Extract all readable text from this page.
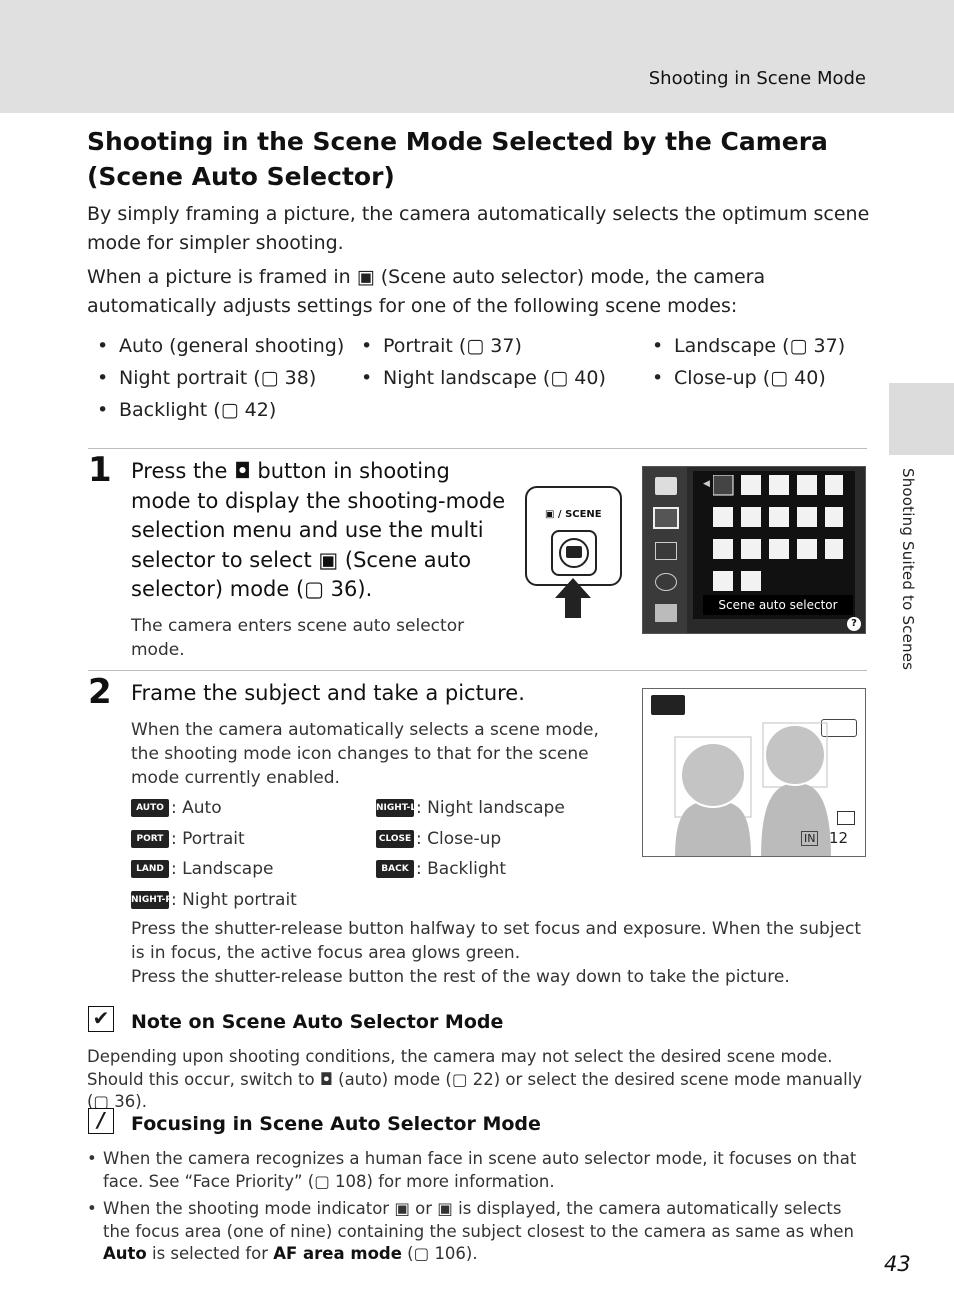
Shooting in Scene Mode
Shooting Suited to Scenes
Shooting in the Scene Mode Selected by the Camera (Scene Auto Selector)
By simply framing a picture, the camera automatically selects the optimum scene mode for simpler shooting.
When a picture is framed in ▣ (Scene auto selector) mode, the camera automatically adjusts settings for one of the following scene modes:
• Auto (general shooting) • Portrait (▢ 37)	• Landscape (▢ 37)
• Night portrait (▢ 38) • Night landscape (▢ 40) • Close-up (▢ 40)
• Backlight (▢ 42)
1 Press the ◘ button in shooting mode to display the shooting-mode selection menu and use the multi selector to select ▣ (Scene auto selector) mode (▢ 36).
The camera enters scene auto selector mode.
▣ / SCENE
◀
Scene auto selector
?
2 Frame the subject and take a picture.
When the camera automatically selects a scene mode, the shooting mode icon changes to that for the scene mode currently enabled.
AUTO : Auto	NIGHT-L : Night landscape
PORT : Portrait	CLOSE : Close-up
LAND : Landscape	BACK : Backlight
NIGHT-P : Night portrait
Press the shutter-release button halfway to set focus and exposure. When the subject is in focus, the active focus area glows green.
Press the shutter-release button the rest of the way down to take the picture.
IN 12
✔ Note on Scene Auto Selector Mode
Depending upon shooting conditions, the camera may not select the desired scene mode. Should this occur, switch to ◘ (auto) mode (▢ 22) or select the desired scene mode manually (▢ 36).
/	Focusing in Scene Auto Selector Mode
• When the camera recognizes a human face in scene auto selector mode, it focuses on that face. See “Face Priority” (▢ 108) for more information.
• When the shooting mode indicator ▣ or ▣ is displayed, the camera automatically selects the focus area (one of nine) containing the subject closest to the camera as same as when Auto is selected for AF area mode (▢ 106).	43
